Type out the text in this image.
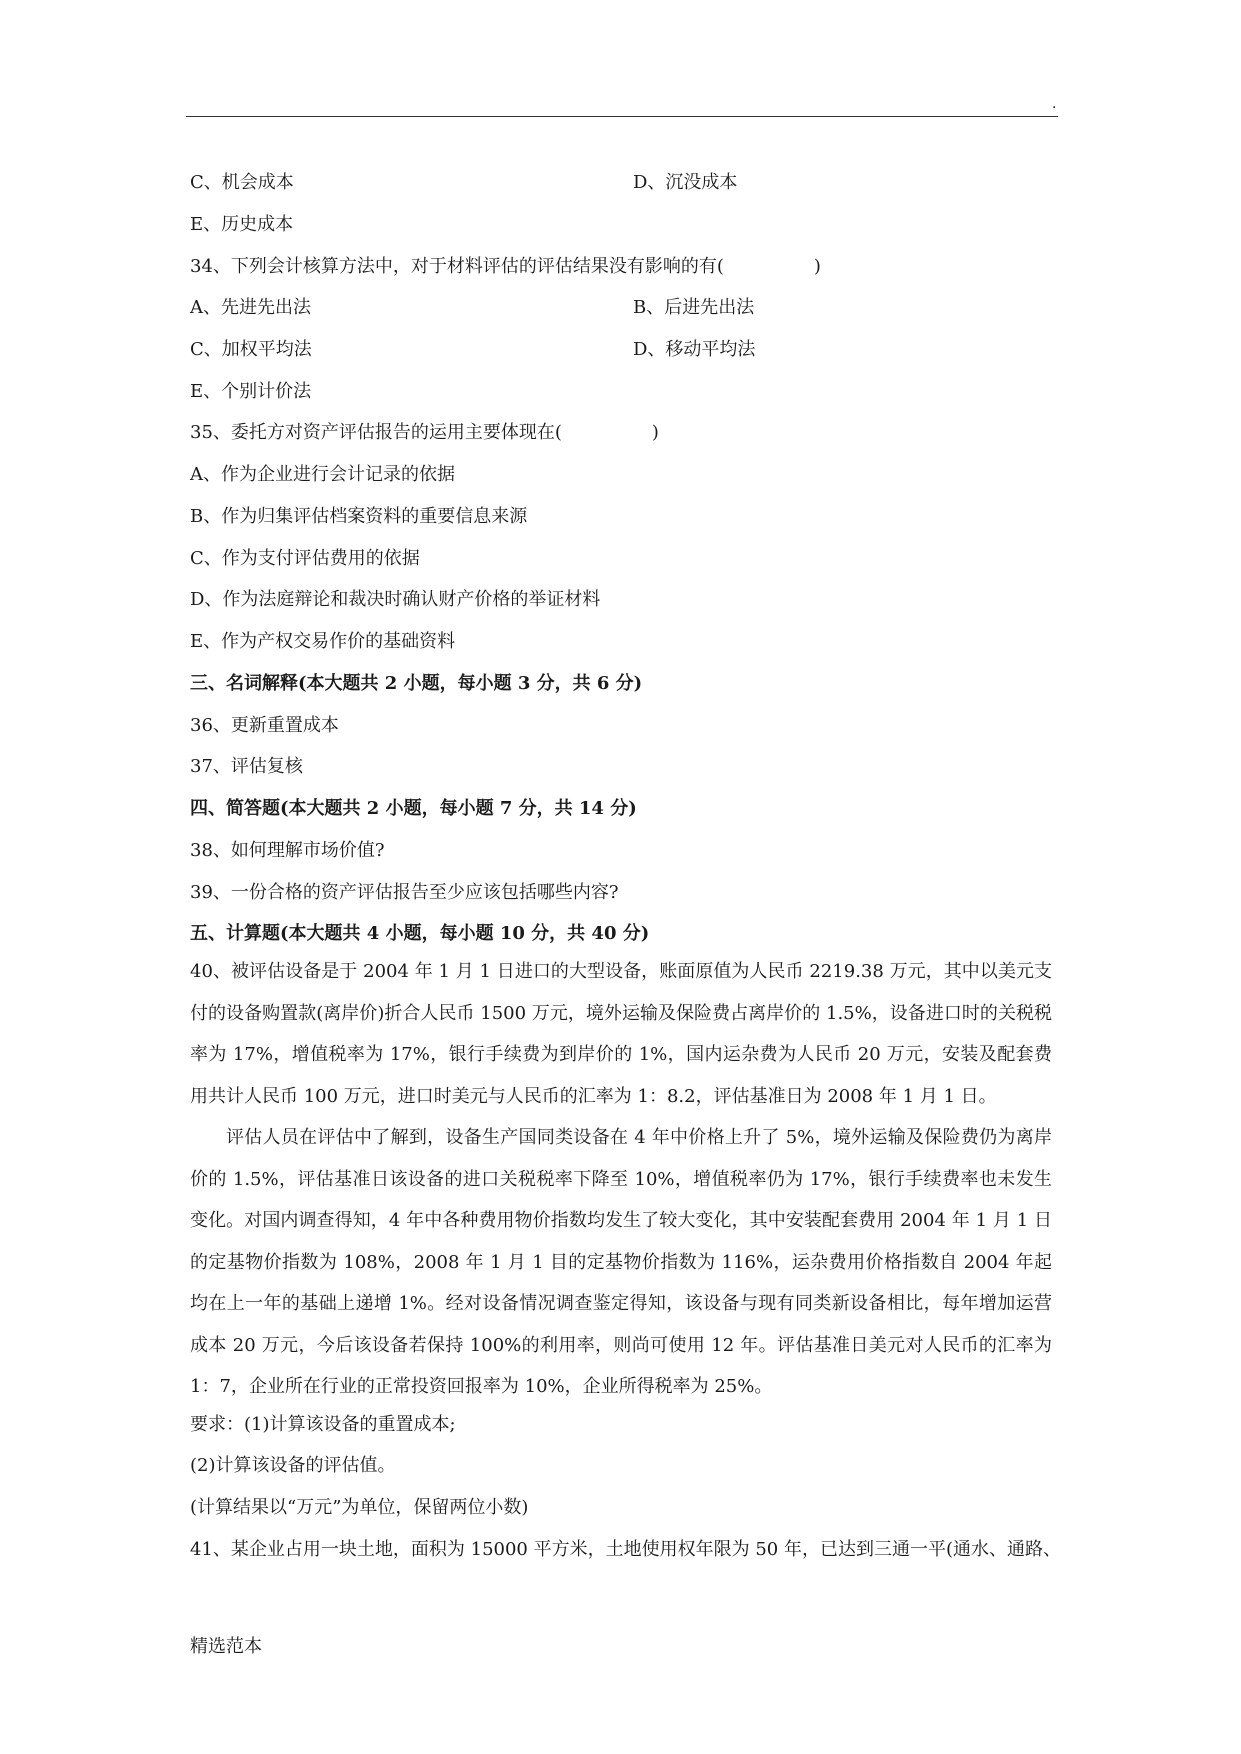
.
C、机会成本	D、沉没成本
E、历史成本
34、下列会计核算方法中，对于材料评估的评估结果没有影响的有(　　　　　)
A、先进先出法	B、后进先出法
C、加权平均法	D、移动平均法
E、个别计价法
35、委托方对资产评估报告的运用主要体现在(　　　　　)
A、作为企业进行会计记录的依据
B、作为归集评估档案资料的重要信息来源
C、作为支付评估费用的依据
D、作为法庭辩论和裁决时确认财产价格的举证材料
E、作为产权交易作价的基础资料
三、名词解释(本大题共 2 小题，每小题 3 分，共 6 分)
36、更新重置成本
37、评估复核
四、简答题(本大题共 2 小题，每小题 7 分，共 14 分)
38、如何理解市场价值?
39、一份合格的资产评估报告至少应该包括哪些内容?
五、计算题(本大题共 4 小题，每小题 10 分，共 40 分)
40、被评估设备是于 2004 年 1 月 1 日进口的大型设备，账面原值为人民币 2219.38 万元，其中以美元支付的设备购置款(离岸价)折合人民币 1500 万元，境外运输及保险费占离岸价的 1.5%，设备进口时的关税税率为 17%，增值税率为 17%，银行手续费为到岸价的 1%，国内运杂费为人民币 20 万元，安装及配套费用共计人民币 100 万元，进口时美元与人民币的汇率为 1：8.2，评估基准日为 2008 年 1 月 1 日。
评估人员在评估中了解到，设备生产国同类设备在 4 年中价格上升了 5%，境外运输及保险费仍为离岸价的 1.5%，评估基准日该设备的进口关税税率下降至 10%，增值税率仍为 17%，银行手续费率也未发生变化。对国内调查得知，4 年中各种费用物价指数均发生了较大变化，其中安装配套费用 2004 年 1 月 1 日的定基物价指数为 108%，2008 年 1 月 1 目的定基物价指数为 116%，运杂费用价格指数自 2004 年起均在上一年的基础上递增 1%。经对设备情况调查鉴定得知，该设备与现有同类新设备相比，每年增加运营成本 20 万元，今后该设备若保持 100%的利用率，则尚可使用 12 年。评估基准日美元对人民币的汇率为 1：7，企业所在行业的正常投资回报率为 10%，企业所得税率为 25%。
要求：(1)计算该设备的重置成本;
(2)计算该设备的评估值。
(计算结果以“万元”为单位，保留两位小数)
41、某企业占用一块土地，面积为 15000 平方米，土地使用权年限为 50 年，已达到三通一平(通水、通路、
精选范本
